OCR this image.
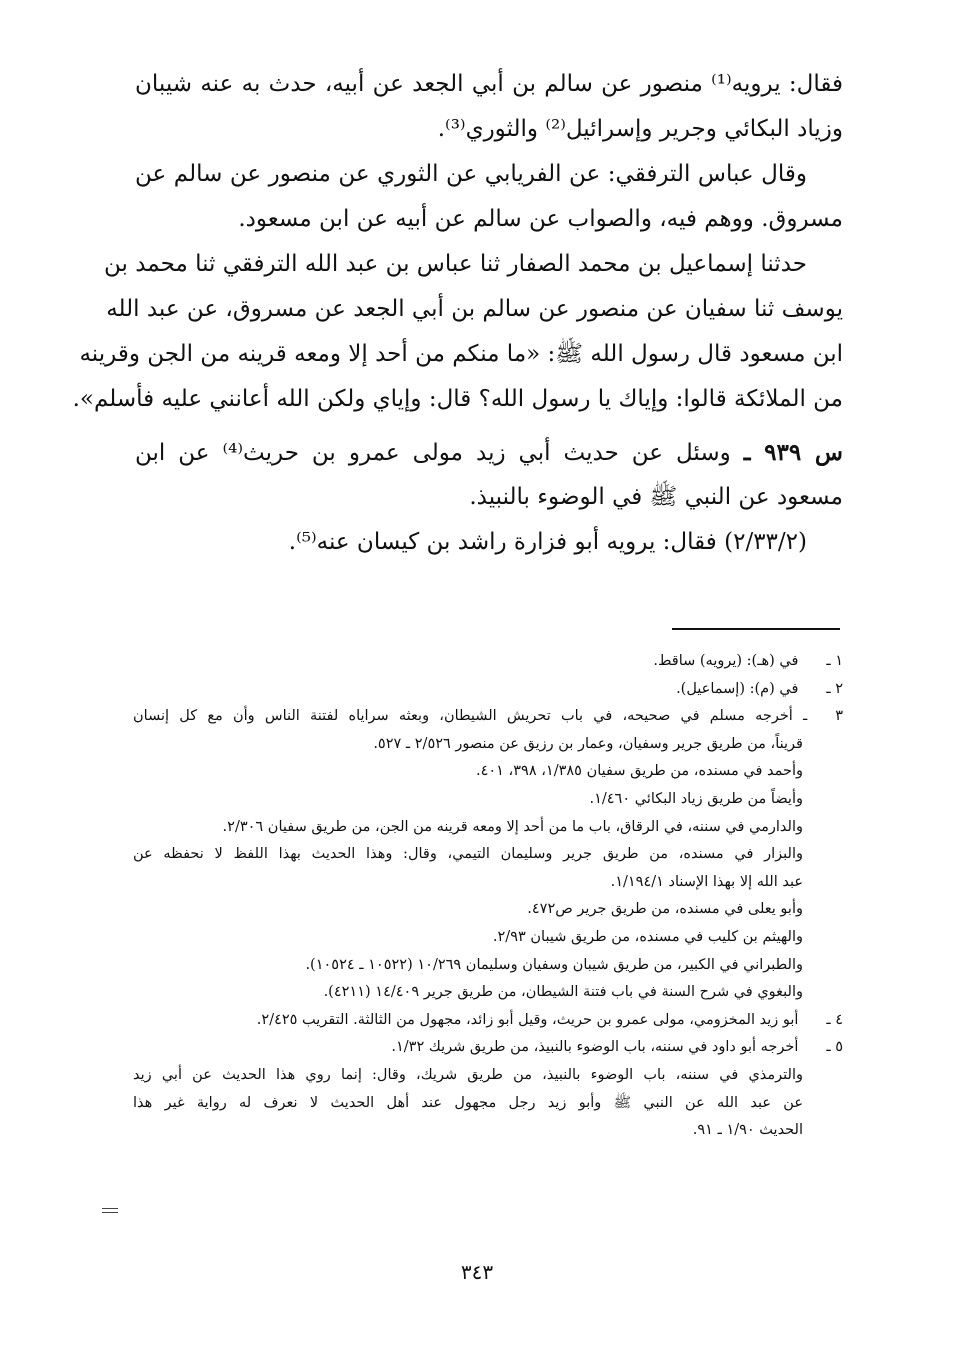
فقال: يرويه⁽¹⁾ منصور عن سالم بن أبي الجعد عن أبيه، حدث به عنه شيبان
وزياد البكائي وجرير وإسرائيل⁽²⁾ والثوري⁽³⁾.
وقال عباس الترفقي: عن الفريابي عن الثوري عن منصور عن سالم عن
مسروق. ووهم فيه، والصواب عن سالم عن أبيه عن ابن مسعود.
حدثنا إسماعيل بن محمد الصفار ثنا عباس بن عبد الله الترفقي ثنا محمد بن
يوسف ثنا سفيان عن منصور عن سالم بن أبي الجعد عن مسروق، عن عبد الله
ابن مسعود قال رسول الله ﷺ: «ما منكم من أحد إلا ومعه قرينه من الجن وقرينه
من الملائكة قالوا: وإياك يا رسول الله؟ قال: وإياي ولكن الله أعانني عليه فأسلم».
س ٩٣٩ ـ وسئل عن حديث أبي زيد مولى عمرو بن حريث⁽⁴⁾ عن ابن
مسعود عن النبي ﷺ في الوضوء بالنبيذ.
(٢/٣٣/٢) فقال: يرويه أبو فزارة راشد بن كيسان عنه⁽⁵⁾.
١ ـ في (هـ): (يرويه) ساقط.
٢ ـ في (م): (إسماعيل).
٣ ـ أخرجه مسلم في صحيحه، في باب تحريش الشيطان، وبعثه سراياه لفتنة الناس وأن مع كل إنسان
قريناً، من طريق جرير وسفيان، وعمار بن رزيق عن منصور ٢/٥٢٦ ـ ٥٢٧.
وأحمد في مسنده، من طريق سفيان ١/٣٨٥، ٣٩٨، ٤٠١.
وأيضاً من طريق زياد البكائي ١/٤٦٠.
والدارمي في سننه، في الرقاق، باب ما من أحد إلا ومعه قرينه من الجن، من طريق سفيان ٢/٣٠٦.
والبزار في مسنده، من طريق جرير وسليمان التيمي، وقال: وهذا الحديث بهذا اللفظ لا نحفظه عن
عبد الله إلا بهذا الإسناد ١/١٩٤/١.
وأبو يعلى في مسنده، من طريق جرير ص٤٧٢.
والهيثم بن كليب في مسنده، من طريق شيبان ٢/٩٣.
والطبراني في الكبير، من طريق شيبان وسفيان وسليمان ١٠/٢٦٩ (١٠٥٢٢ ـ ١٠٥٢٤).
والبغوي في شرح السنة في باب فتنة الشيطان، من طريق جرير ١٤/٤٠٩ (٤٢١١).
٤ ـ أبو زيد المخزومي، مولى عمرو بن حريث، وقيل أبو زائد، مجهول من الثالثة. التقريب ٢/٤٢٥.
٥ ـ أخرجه أبو داود في سننه، باب الوضوء بالنبيذ، من طريق شريك ١/٣٢.
والترمذي في سننه، باب الوضوء بالنبيذ، من طريق شريك، وقال: إنما روي هذا الحديث عن أبي زيد
عن عبد الله عن النبي ﷺ وأبو زيد رجل مجهول عند أهل الحديث لا نعرف له رواية غير هذا
الحديث ١/٩٠ ـ ٩١.
٣٤٣
